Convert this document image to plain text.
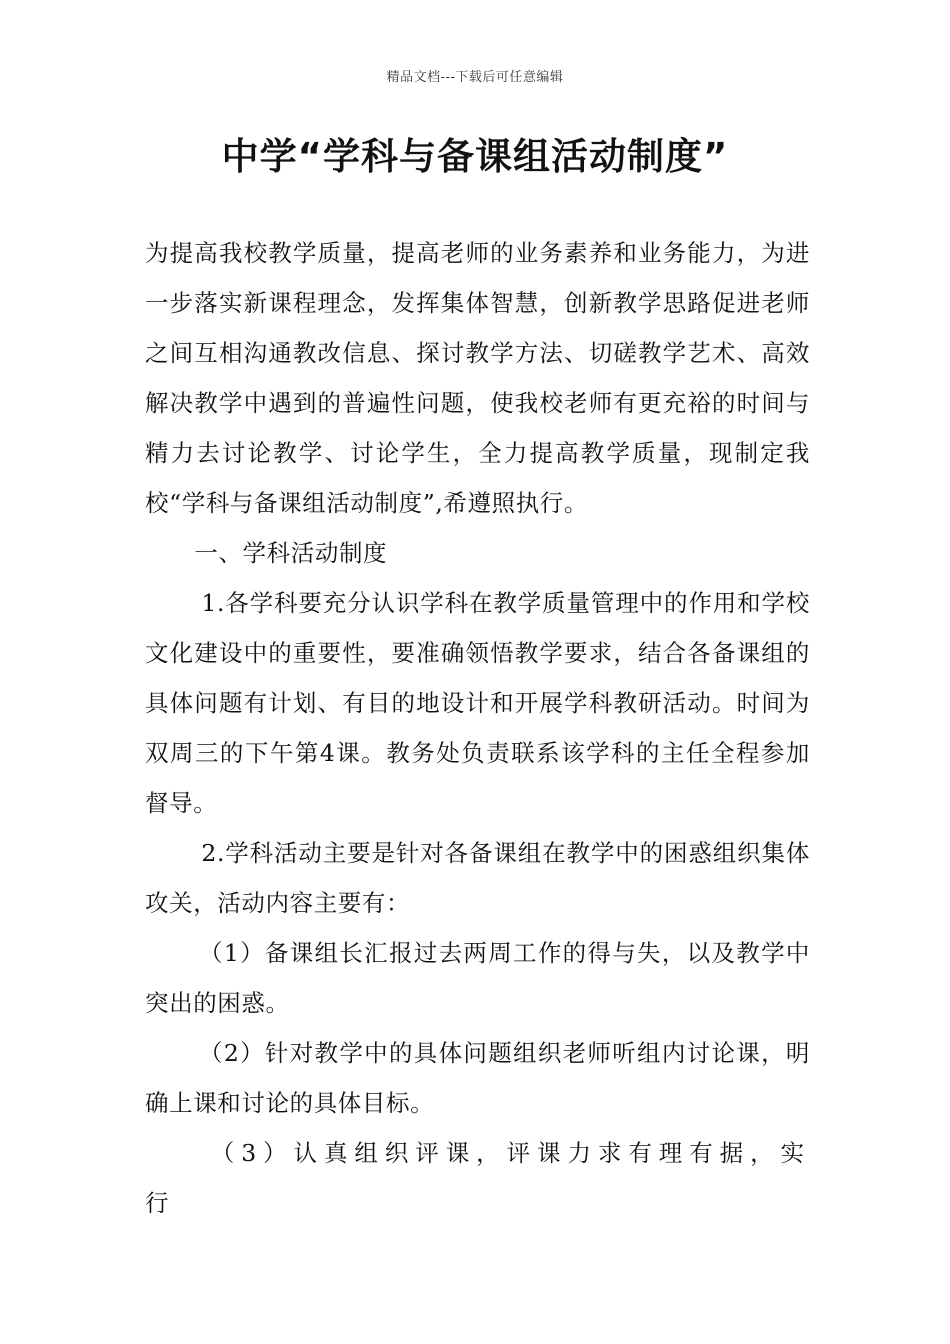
精品文档---下载后可任意编辑
中学“学科与备课组活动制度”

为提高我校教学质量，提高老师的业务素养和业务能力，为进一步落实新课程理念，发挥集体智慧，创新教学思路促进老师之间互相沟通教改信息、探讨教学方法、切磋教学艺术、高效解决教学中遇到的普遍性问题，使我校老师有更充裕的时间与精力去讨论教学、讨论学生，全力提高教学质量，现制定我校“学科与备课组活动制度”,希遵照执行。

一、学科活动制度

1.各学科要充分认识学科在教学质量管理中的作用和学校文化建设中的重要性，要准确领悟教学要求，结合各备课组的具体问题有计划、有目的地设计和开展学科教研活动。时间为双周三的下午第4课。教务处负责联系该学科的主任全程参加督导。

2.学科活动主要是针对各备课组在教学中的困惑组织集体攻关，活动内容主要有：

（1）备课组长汇报过去两周工作的得与失，以及教学中突出的困惑。

（2）针对教学中的具体问题组织老师听组内讨论课，明确上课和讨论的具体目标。

（3）认真组织评课，评课力求有理有据，实行
